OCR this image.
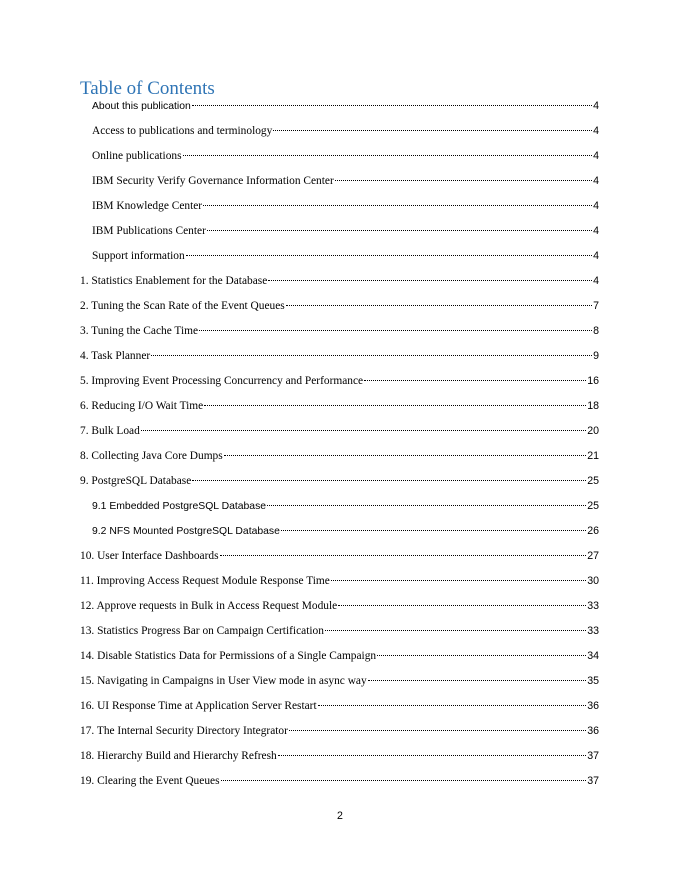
Table of Contents
About this publication	4
Access to publications and terminology	4
Online publications	4
IBM Security Verify Governance Information Center	4
IBM Knowledge Center	4
IBM Publications Center	4
Support information	4
1. Statistics Enablement for the Database	4
2. Tuning the Scan Rate of the Event Queues	7
3. Tuning the Cache Time	8
4. Task Planner	9
5. Improving Event Processing Concurrency and Performance	16
6. Reducing I/O Wait Time	18
7. Bulk Load	20
8. Collecting Java Core Dumps	21
9. PostgreSQL Database	25
9.1 Embedded PostgreSQL Database	25
9.2 NFS Mounted PostgreSQL Database	26
10. User Interface Dashboards	27
11. Improving Access Request Module Response Time	30
12. Approve requests in Bulk in Access Request Module	33
13. Statistics Progress Bar on Campaign Certification	33
14. Disable Statistics Data for Permissions of a Single Campaign	34
15. Navigating in Campaigns in User View mode in async way	35
16. UI Response Time at Application Server Restart	36
17. The Internal Security Directory Integrator	36
18. Hierarchy Build and Hierarchy Refresh	37
19. Clearing the Event Queues	37
2
